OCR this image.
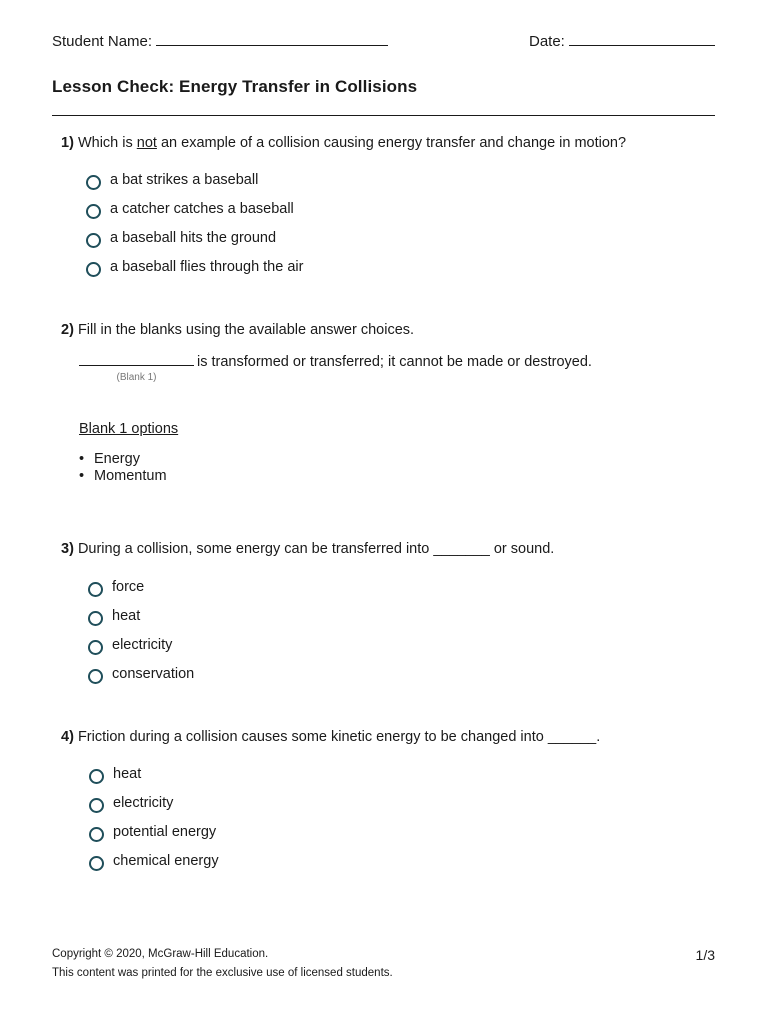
Student Name:	Date:
Lesson Check: Energy Transfer in Collisions
1) Which is not an example of a collision causing energy transfer and change in motion?
a bat strikes a baseball
a catcher catches a baseball
a baseball hits the ground
a baseball flies through the air
2) Fill in the blanks using the available answer choices.
is transformed or transferred; it cannot be made or destroyed.
(Blank 1)
Blank 1 options
• Energy
• Momentum
3) During a collision, some energy can be transferred into _______ or sound.
force
heat
electricity
conservation
4) Friction during a collision causes some kinetic energy to be changed into ______.
heat
electricity
potential energy
chemical energy
Copyright © 2020, McGraw-Hill Education.
This content was printed for the exclusive use of licensed students.
1/3
